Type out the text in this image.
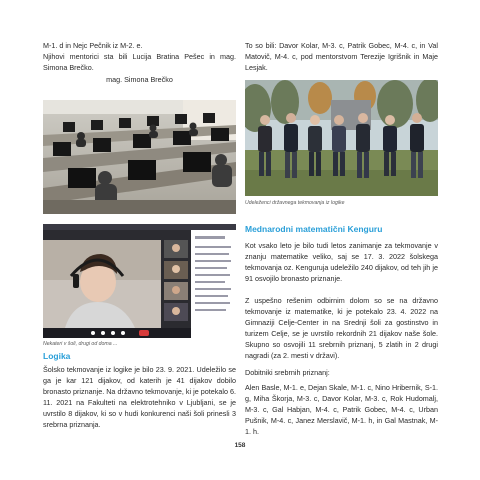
M-1. d in Nejc Pečnik iz M-2. e.

Njihovi mentorici sta bili Lucija Bratina Pešec in mag. Simona Brečko.

mag. Simona Brečko

Nekateri v šoli, drugi od doma ...
Logika

Šolsko tekmovanje iz logike je bilo 23. 9. 2021. Udeležilo se ga je kar 121 dijakov, od katerih je 41 dijakov dobilo bronasto priznanje. Na državno tekmovanje, ki je potekalo 6. 11. 2021 na Fakulteti na elektrotehniko v Ljubljani, se je uvrstilo 8 dijakov, ki so v hudi konkurenci naši šoli prinesli 3 srebrna priznanja.

To so bili: Davor Kolar, M-3. c, Patrik Gobec, M-4. c, in Val Matovič, M-4. c, pod mentorstvom Terezije Igrišnik in Maje Lesjak.

Udeleženci državnega tekmovanja iz logike
Mednarodni matematični Kenguru

Kot vsako leto je bilo tudi letos zanimanje za tekmovanje v znanju matematike veliko, saj se 17. 3. 2022 šolskega tekmovanja oz. Kenguruja udeležilo 240 dijakov, od teh jih je 91 osvojilo bronasto priznanje.

Z uspešno rešenim odbirnim dolom so se na državno tekmovanje iz matematike, ki je potekalo 23. 4. 2022 na Gimnaziji Celje-Center in na Srednji šoli za gostinstvo in turizem Celje, se je uvrstilo rekordnih 21 dijakov naše šole. Skupno so osvojili 11 srebrnih priznanj, 5 zlatih in 2 drugi nagradi (za 2. mesti v državi).

Dobitniki srebrnih priznanj:

Alen Basle, M-1. e, Dejan Skale, M-1. c, Nino Hribernik, S-1. g, Miha Škorja, M-3. c, Davor Kolar, M-3. c, Rok Hudomalj, M-3. c, Gal Habjan, M-4. c, Patrik Gobec, M-4. c, Urban Pušnik, M-4. c, Janez Merslavič, M-1. h, in Gal Mastnak, M-1. h.

158
